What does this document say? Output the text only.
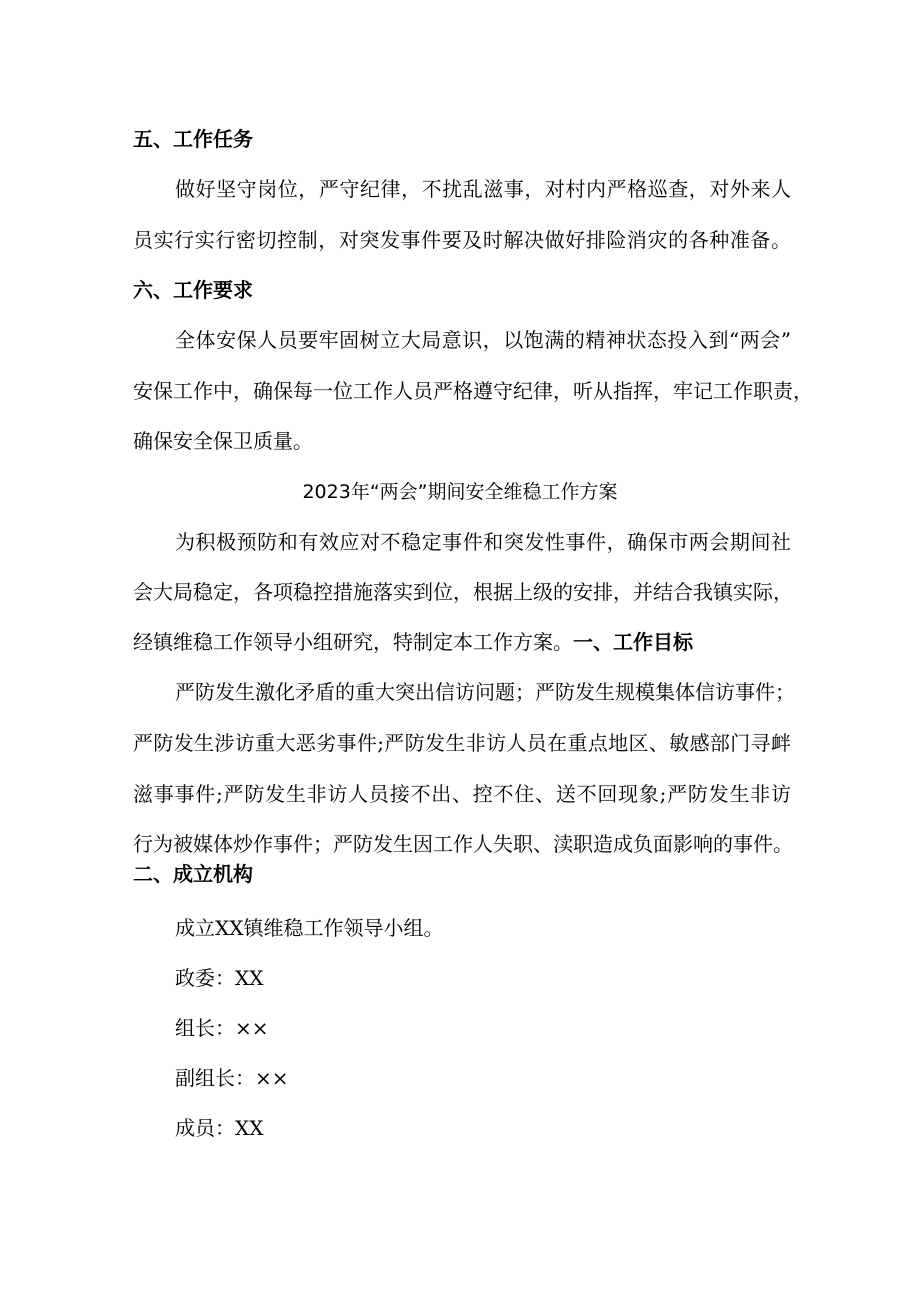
五、工作任务

做好坚守岗位，严守纪律，不扰乱滋事，对村内严格巡查，对外来人

员实行实行密切控制，对突发事件要及时解决做好排险消灾的各种准备。

六、工作要求

全体安保人员要牢固树立大局意识，以饱满的精神状态投入到“两会”

安保工作中，确保每一位工作人员严格遵守纪律，听从指挥，牢记工作职责，

确保安全保卫质量。

2023年“两会”期间安全维稳工作方案

为积极预防和有效应对不稳定事件和突发性事件，确保市两会期间社

会大局稳定，各项稳控措施落实到位，根据上级的安排，并结合我镇实际，

经镇维稳工作领导小组研究，特制定本工作方案。一、工作目标

严防发生激化矛盾的重大突出信访问题；严防发生规模集体信访事件；

严防发生涉访重大恶劣事件;严防发生非访人员在重点地区、敏感部门寻衅

滋事事件;严防发生非访人员接不出、控不住、送不回现象;严防发生非访

行为被媒体炒作事件；严防发生因工作人失职、渎职造成负面影响的事件。

二、成立机构

成立XX镇维稳工作领导小组。

政委：XX

组长：××

副组长：××

成员：XX
